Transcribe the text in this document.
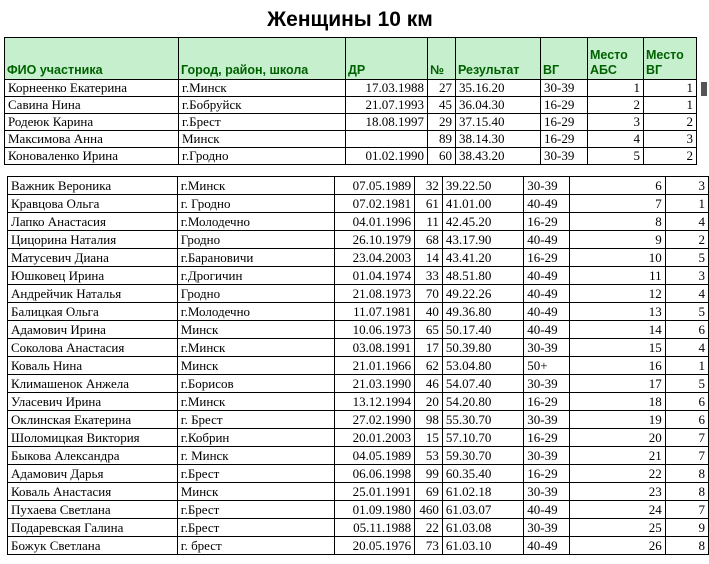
Женщины 10 км
ФИО участника	Город, район, школа	ДР	№	Результат	ВГ	Место АБС	Место ВГ
Корнеенко Екатерина	г.Минск	17.03.1988	27	35.16.20	30-39	1	1
Савина Нина	г.Бобруйск	21.07.1993	45	36.04.30	16-29	2	1
Родеюк Карина	г.Брест	18.08.1997	29	37.15.40	16-29	3	2
Максимова Анна	Минск		89	38.14.30	16-29	4	3
Коноваленко Ирина	г.Гродно	01.02.1990	60	38.43.20	30-39	5	2
Важник Вероника	г.Минск	07.05.1989	32	39.22.50	30-39	6	3
Кравцова Ольга	г. Гродно	07.02.1981	61	41.01.00	40-49	7	1
Лапко Анастасия	г.Молодечно	04.01.1996	11	42.45.20	16-29	8	4
Цицорина Наталия	Гродно	26.10.1979	68	43.17.90	40-49	9	2
Матусевич Диана	г.Барановичи	23.04.2003	14	43.41.20	16-29	10	5
Юшковец Ирина	г.Дрогичин	01.04.1974	33	48.51.80	40-49	11	3
Андрейчик Наталья	Гродно	21.08.1973	70	49.22.26	40-49	12	4
Балицкая Ольга	г.Молодечно	11.07.1981	40	49.36.80	40-49	13	5
Адамович Ирина	Минск	10.06.1973	65	50.17.40	40-49	14	6
Соколова Анастасия	г.Минск	03.08.1991	17	50.39.80	30-39	15	4
Коваль Нина	Минск	21.01.1966	62	53.04.80	50+	16	1
Климашенок Анжела	г.Борисов	21.03.1990	46	54.07.40	30-39	17	5
Уласевич Ирина	г.Минск	13.12.1994	20	54.20.80	16-29	18	6
Оклинская Екатерина	г. Брест	27.02.1990	98	55.30.70	30-39	19	6
Шоломицкая Виктория	г.Кобрин	20.01.2003	15	57.10.70	16-29	20	7
Быкова Александра	г. Минск	04.05.1989	53	59.30.70	30-39	21	7
Адамович Дарья	г.Брест	06.06.1998	99	60.35.40	16-29	22	8
Коваль Анастасия	Минск	25.01.1991	69	61.02.18	30-39	23	8
Пухаева Светлана	г.Брест	01.09.1980	460	61.03.07	40-49	24	7
Подаревская Галина	г.Брест	05.11.1988	22	61.03.08	30-39	25	9
Божук Светлана	г. брест	20.05.1976	73	61.03.10	40-49	26	8
